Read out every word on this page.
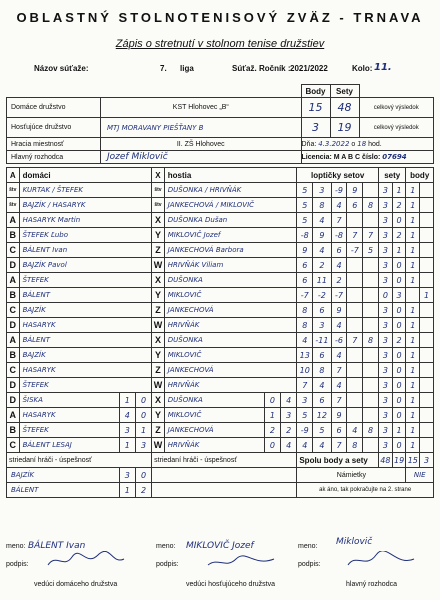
OBLASTNÝ STOLNOTENISOVÝ ZVÄZ - TRNAVA
Zápis o stretnutí v stolnom tenise družstiev
Názov súťaže:	7. liga	Súťaž. Ročník : 2021/2022	Kolo: 11.
		Body	Sety	
Domáce družstvo	KST Hlohovec „B“	15	48	celkový výsledok
Hosťujúce družstvo	MTJ MORAVANY PIEŠŤANY B	3	19	celkový výsledok
Hracia miestnosť	II. ZŠ Hlohovec	Dňa: 4.3.2022 o 18 hod.		
Hlavný rozhodca	Jozef Miklovič	Licencia: M A B C číslo: 07694		
A	domáci			X	hostia			loptičky setov					sety		body	
štv	KURTAK / ŠTEFEK			štv	DUŠONKA / HRIVŇÁK			5	3	-9	9		3	1	1	
štv	BAJZÍK / HASARYK			štv	JANKECHOVÁ / MIKLOVIČ			5	8	4	6	8	3	2	1	
A	HASARYK Martin			X	DUŠONKA Dušan			5	4	7			3	0	1	
B	ŠTEFEK Ľubo			Y	MIKLOVIČ Jozef			-8	9	-8	7	7	3	2	1	
C	BÁLENT Ivan			Z	JANKECHOVÁ Barbora			9	4	6	-7	5	3	1	1	
D	BAJZÍK Pavol			W	HRIVŇÁK Viliam			6	2	4			3	0	1	
A	ŠTEFEK			X	DUŠONKA			6	11	2			3	0	1	
B	BÁLENT			Y	MIKLOVIČ			-7	-2	-7			0	3		1
C	BAJZÍK			Z	JANKECHOVÁ			8	6	9			3	0	1	
D	HASARYK			W	HRIVŇÁK			8	3	4			3	0	1	
A	BÁLENT			X	DUŠONKA			4	-11	-6	7	8	3	2	1	
B	BAJZÍK			Y	MIKLOVIČ			13	6	4			3	0	1	
C	HASARYK			Z	JANKECHOVÁ			10	8	7			3	0	1	
D	ŠTEFEK			W	HRIVŇÁK			7	4	4			3	0	1	
D	ŠISKA	1	0	X	DUŠONKA	0	4	3	6	7			3	0	1	
A	HASARYK	4	0	Y	MIKLOVIČ	1	3	5	12	9			3	0	1	
B	ŠTEFEK	3	1	Z	JANKECHOVÁ	2	2	-9	5	6	4	8	3	1	1	
C	BÁLENT LESAJ	1	3	W	HRIVŇÁK	0	4	4	4	7	8		3	0	1	
striedaní hráči - úspešnosť				striedaní hráči - úspešnosť				Spolu body a sety					48	19	15	3
BAJZÍK		3	0					Námietky							NIE	
BÁLENT		1	2					ak áno, tak pokračujte na 2. strane								
meno: BÁLENT Ivan	meno: MIKLOVIČ Jozef	meno: Miklovič
podpis:	podpis:	podpis:
vedúci domáceho družstva	vedúci hosťujúceho družstva	hlavný rozhodca
